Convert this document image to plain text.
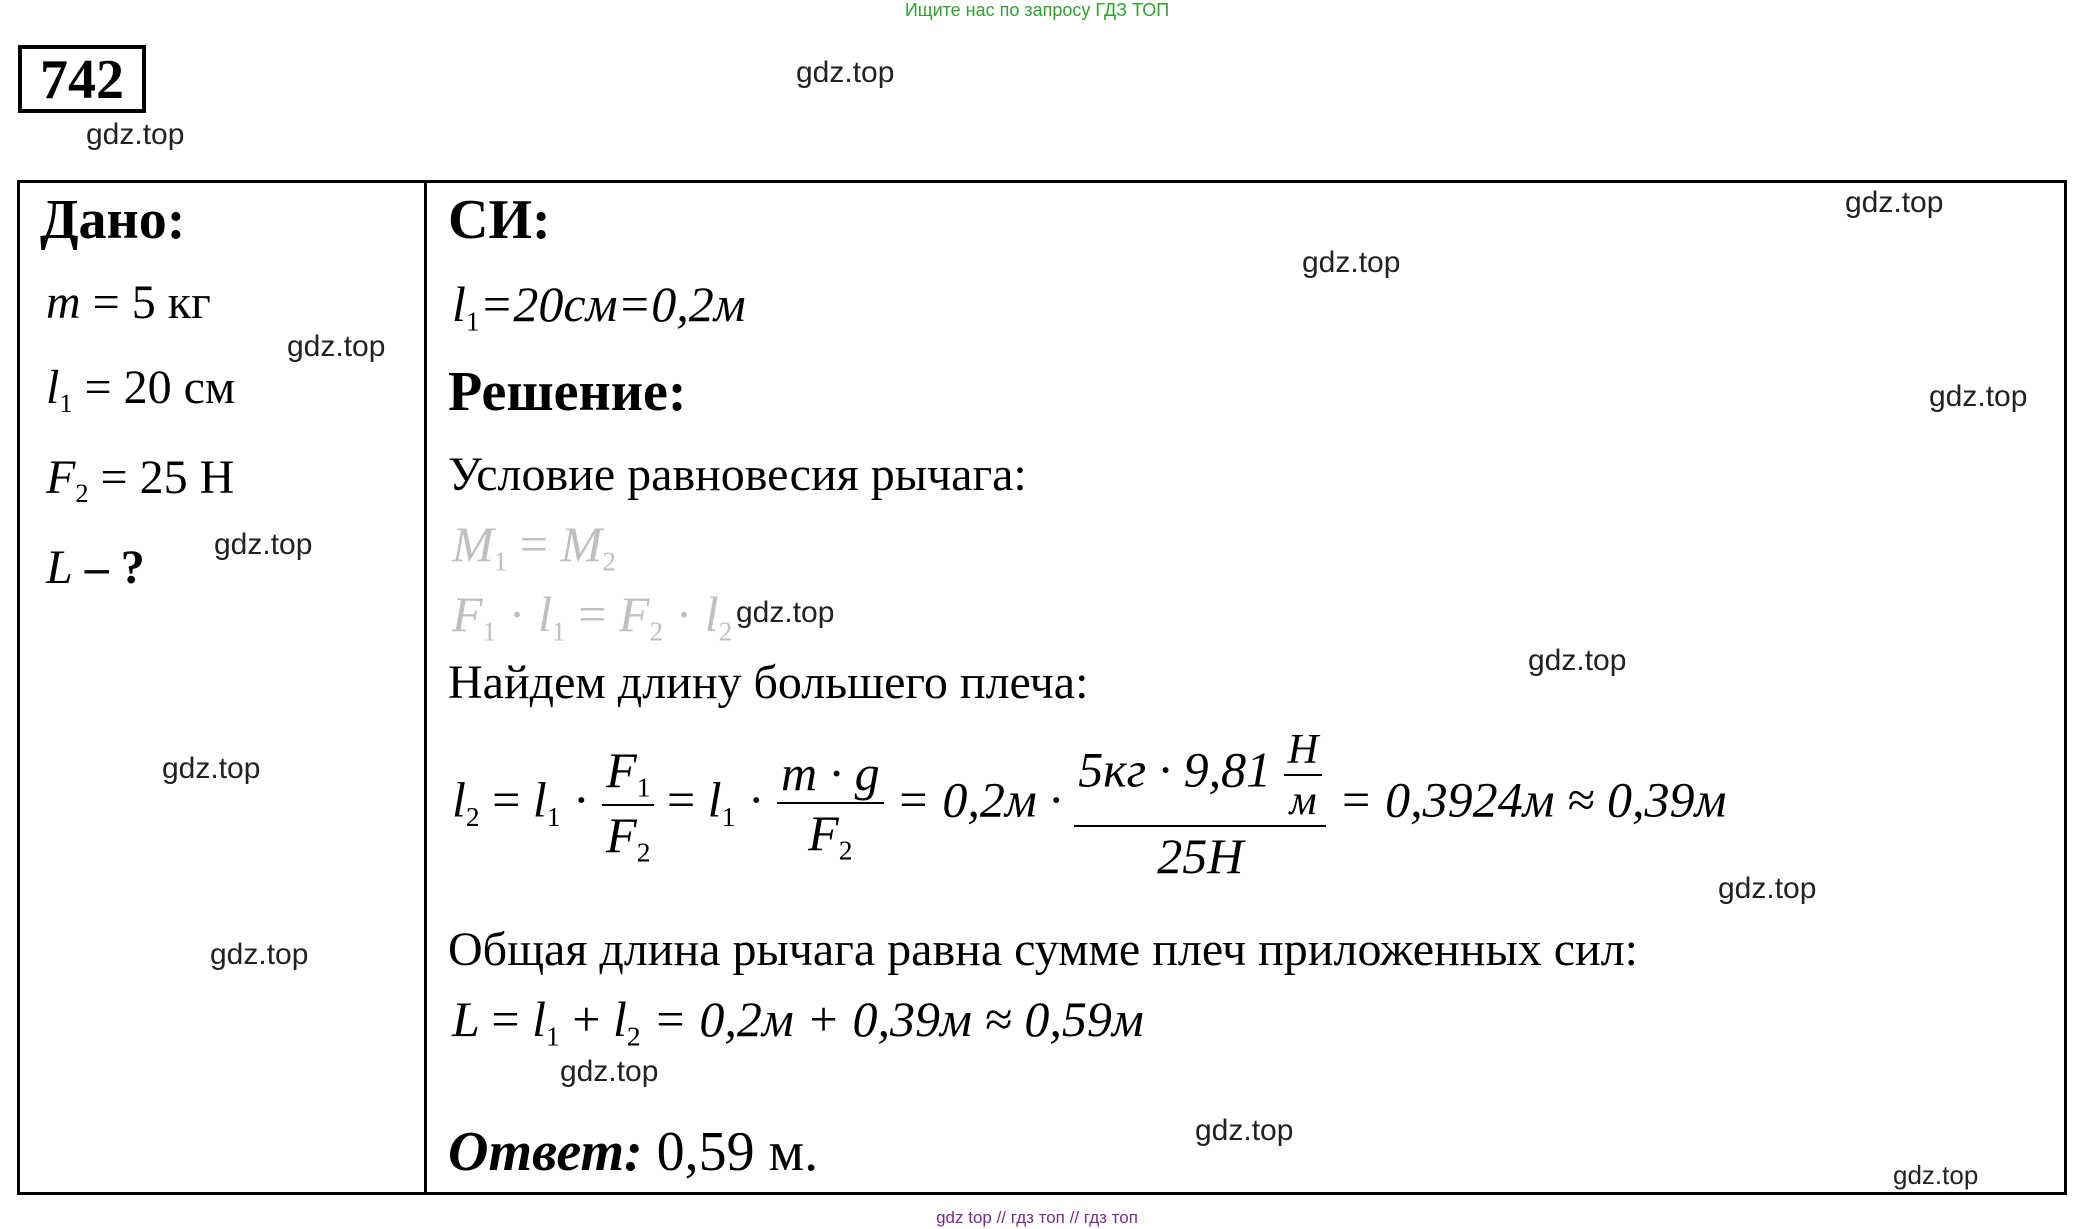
Ищите нас по запросу ГДЗ ТОП
742
Дано:
m = 5 кг
$l_1 = 20$ см
$F_2 = 25$ Н
L – ?
СИ:
$l_1=20см=0,2м$
Решение:
Условие равновесия рычага:
$M_1 = M_2$
$F_1 \cdot l_1 = F_2 \cdot l_2$
Найдем длину большего плеча:
$l_2 = l_1 \cdot \frac{F_1}{F_2} = l_1 \cdot \frac{m \cdot g}{F_2} = 0,2м \cdot \frac{5кг \cdot 9,81 \frac{Н}{м}}{25Н} = 0,3924м \approx 0,39м$
Общая длина рычага равна сумме плеч приложенных сил:
$L = l_1 + l_2 = 0,2м + 0,39м \approx 0,59м$
Ответ: 0,59 м.
gdz.top
gdz.top
gdz.top
gdz.top
gdz.top
gdz.top
gdz.top
gdz.top
gdz.top
gdz.top
gdz.top
gdz.top
gdz.top
gdz.top
gdz.top
gdz top // гдз топ // гдз топ
